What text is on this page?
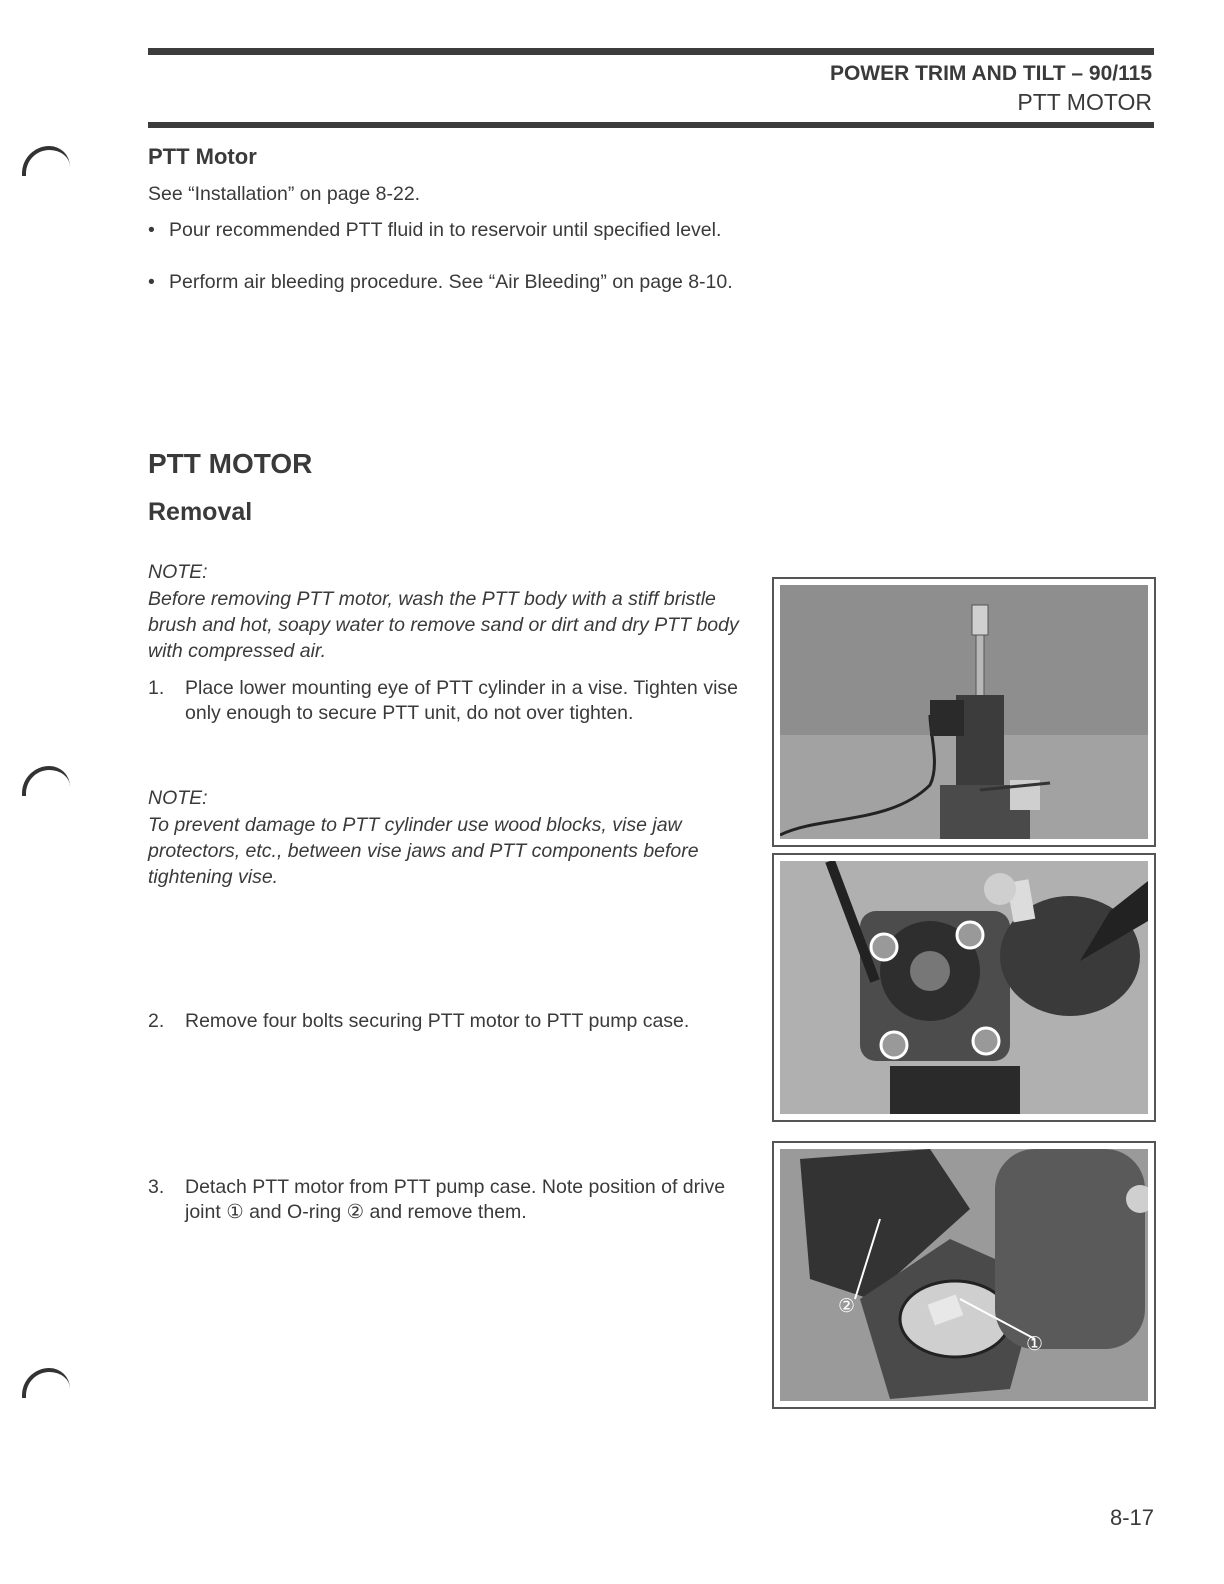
POWER TRIM AND TILT – 90/115
PTT MOTOR
PTT Motor
See “Installation” on page 8-22.
• Pour recommended PTT fluid in to reservoir until specified level.
• Perform air bleeding procedure. See “Air Bleeding” on page 8-10.
PTT MOTOR
Removal
NOTE:
Before removing PTT motor, wash the PTT body with a stiff bristle brush and hot, soapy water to remove sand or dirt and dry PTT body with compressed air.
1. Place lower mounting eye of PTT cylinder in a vise. Tighten vise only enough to secure PTT unit, do not over tighten.
NOTE:
To prevent damage to PTT cylinder use wood blocks, vise jaw protectors, etc., between vise jaws and PTT components before tightening vise.
2. Remove four bolts securing PTT motor to PTT pump case.
3. Detach PTT motor from PTT pump case. Note position of drive joint ① and O-ring ② and remove them.
②
①
8-17
